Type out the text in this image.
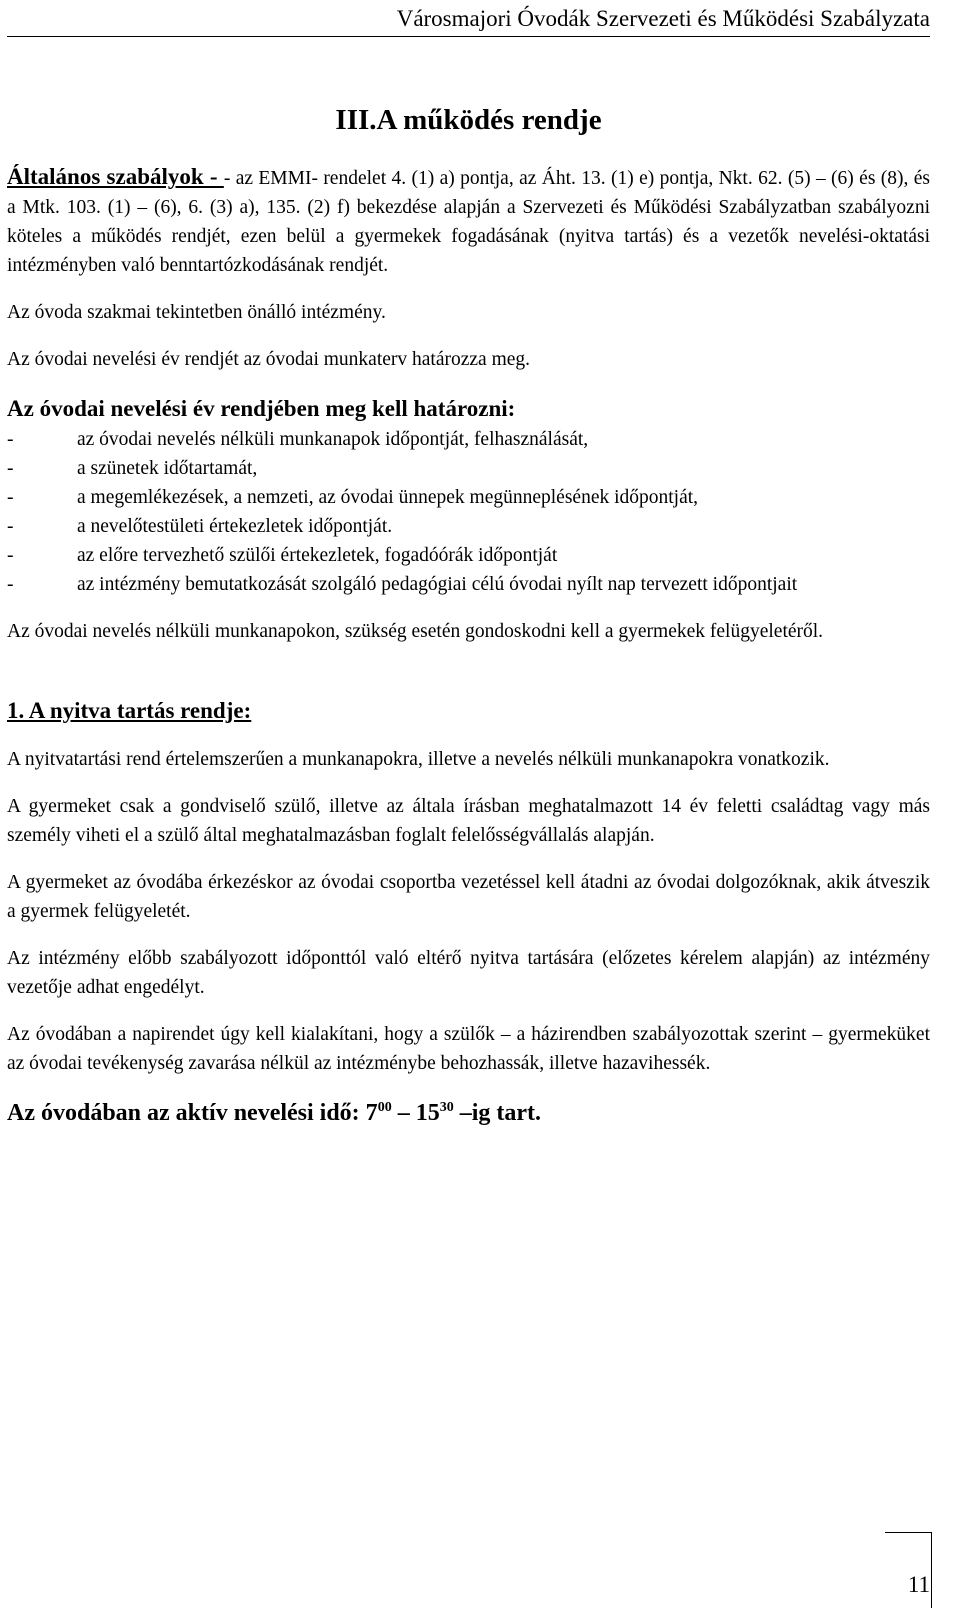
Városmajori Óvodák Szervezeti és Működési Szabályzata
III.A működés rendje

Általános szabályok - - az EMMI- rendelet 4. (1) a) pontja, az Áht. 13. (1) e) pontja, Nkt. 62. (5) – (6) és (8), és a Mtk. 103. (1) – (6), 6. (3) a), 135. (2) f) bekezdése alapján a Szervezeti és Működési Szabályzatban szabályozni köteles a működés rendjét, ezen belül a gyermekek fogadásának (nyitva tartás) és a vezetők nevelési-oktatási intézményben való benntartózkodásának rendjét.

Az óvoda szakmai tekintetben önálló intézmény.

Az óvodai nevelési év rendjét az óvodai munkaterv határozza meg.

Az óvodai nevelési év rendjében meg kell határozni:
-	az óvodai nevelés nélküli munkanapok időpontját, felhasználását,
-	a szünetek időtartamát,
-	a megemlékezések, a nemzeti, az óvodai ünnepek megünneplésének időpontját,
-	a nevelőtestületi értekezletek időpontját.
-	az előre tervezhető szülői értekezletek, fogadóórák időpontját
-	az intézmény bemutatkozását szolgáló pedagógiai célú óvodai nyílt nap tervezett időpontjait

Az óvodai nevelés nélküli munkanapokon, szükség esetén gondoskodni kell a gyermekek felügyeletéről.

1. A nyitva tartás rendje:

A nyitvatartási rend értelemszerűen a munkanapokra, illetve a nevelés nélküli munkanapokra vonatkozik.

A gyermeket csak a gondviselő szülő, illetve az általa írásban meghatalmazott 14 év feletti családtag vagy más személy viheti el a szülő által meghatalmazásban foglalt felelősségvállalás alapján.

A gyermeket az óvodába érkezéskor az óvodai csoportba vezetéssel kell átadni az óvodai dolgozóknak, akik átveszik a gyermek felügyeletét.

Az intézmény előbb szabályozott időponttól való eltérő nyitva tartására (előzetes kérelem alapján) az intézmény vezetője adhat engedélyt.

Az óvodában a napirendet úgy kell kialakítani, hogy a szülők – a házirendben szabályozottak szerint – gyermeküket az óvodai tevékenység zavarása nélkül az intézménybe behozhassák, illetve hazavihessék.

Az óvodában az aktív nevelési idő: $7^{00} - 15^{30}$ –ig tart.
11
